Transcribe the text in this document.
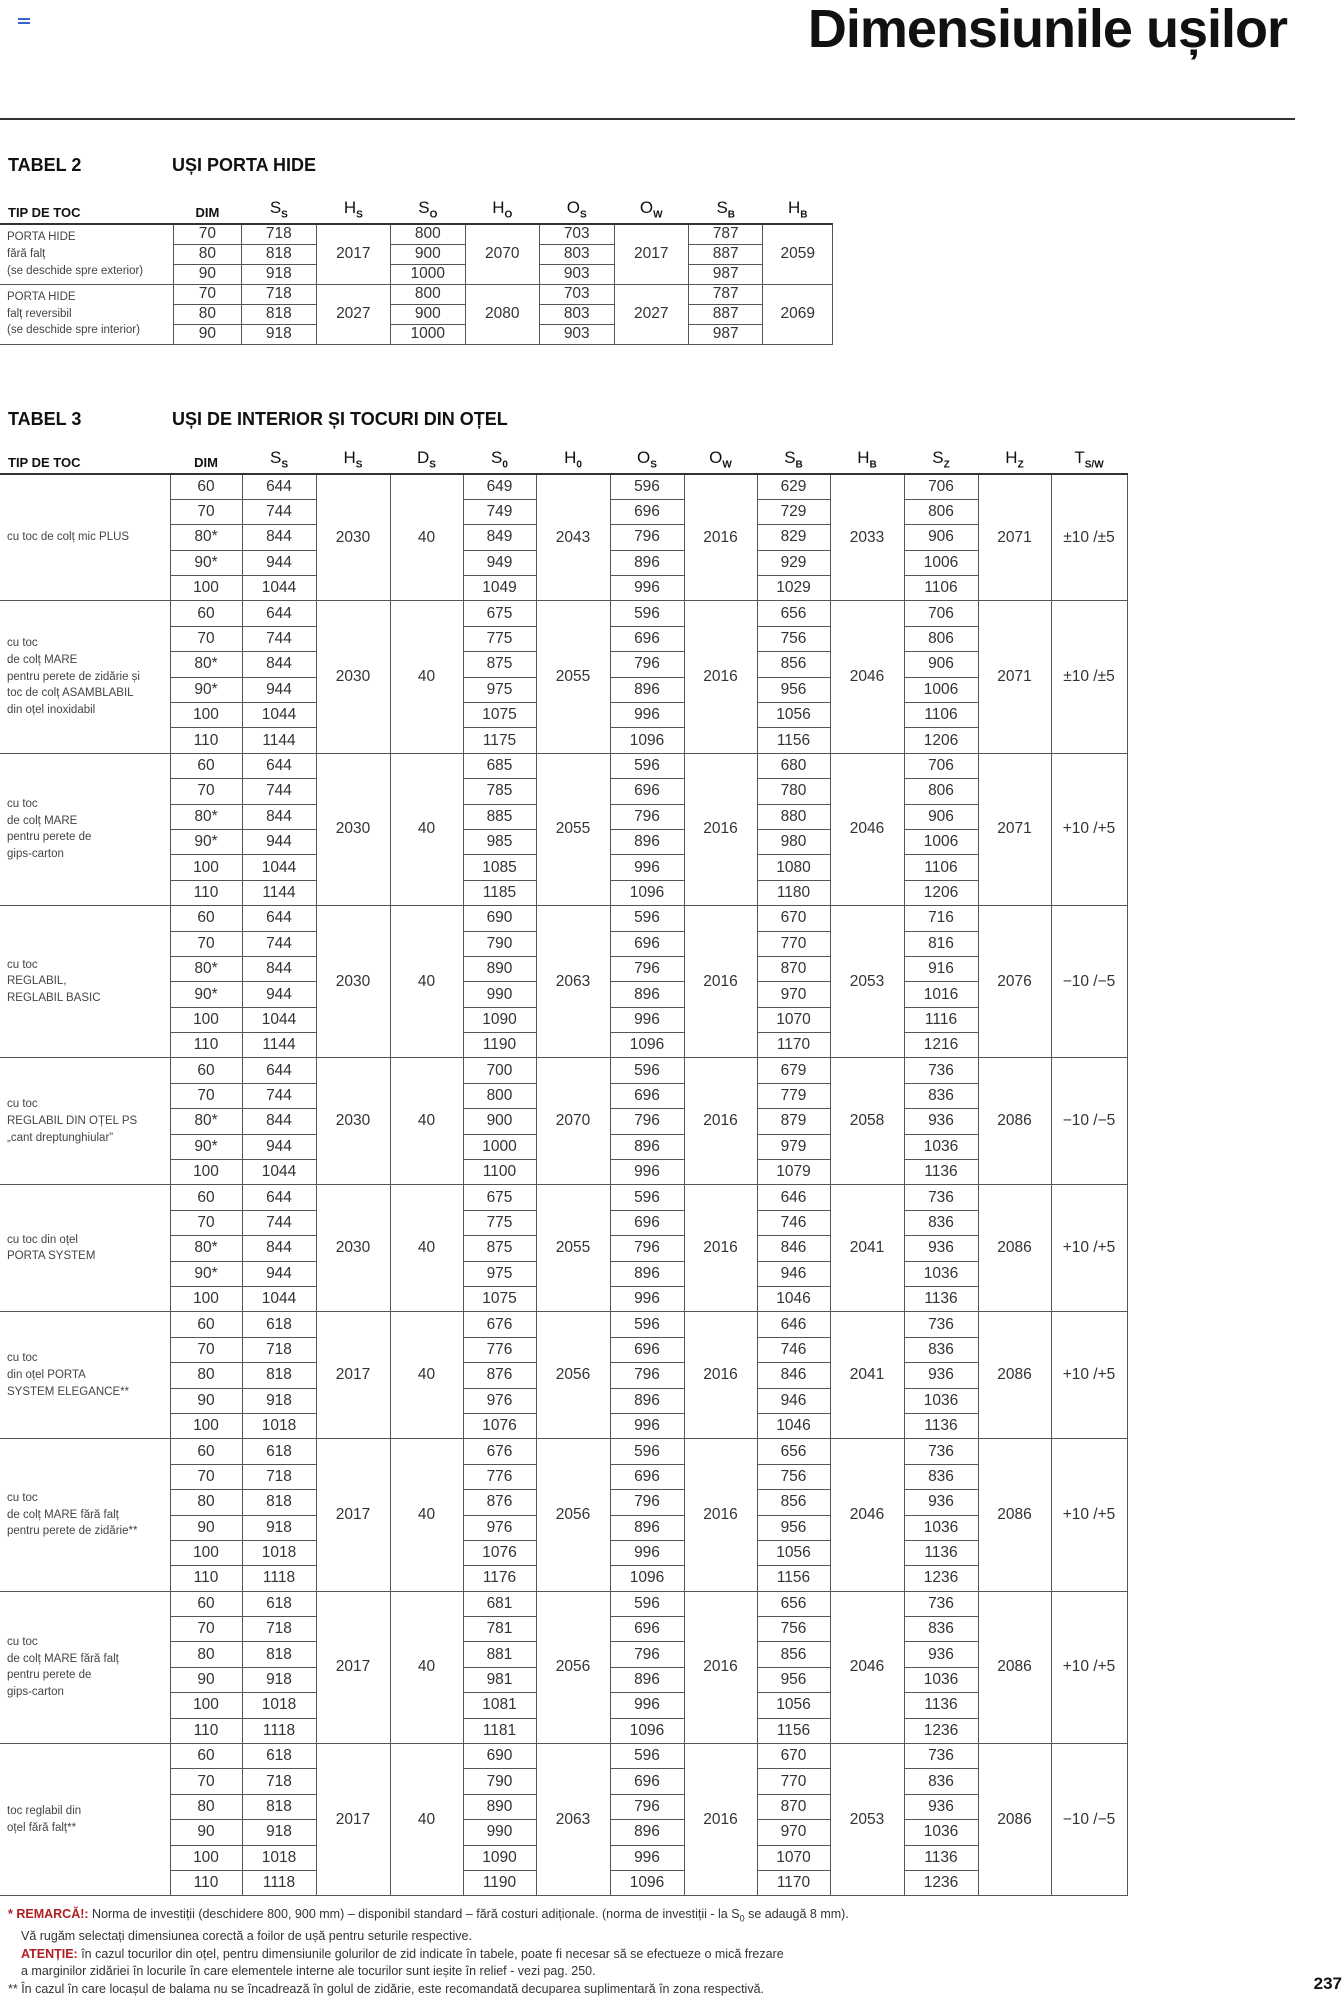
Dimensiunile ușilor
TABEL 2	UȘI PORTA HIDE
TIP DE TOC	DIM	$S_S$	$H_S$	$S_O$	$H_O$	$O_S$	$O_W$	$S_B$	$H_B$
PORTA HIDE
fără falț
(se deschide spre exterior)	70	718	2017	800	2070	703	2017	787	2059
	80	818		900		803		887	
	90	918		1000		903		987	
PORTA HIDE
falț reversibil
(se deschide spre interior)	70	718	2027	800	2080	703	2027	787	2069
	80	818		900		803		887	
	90	918		1000		903		987	
TABEL 3	UȘI DE INTERIOR ȘI TOCURI DIN OȚEL
TIP DE TOC	DIM	$S_S$	$H_S$	$D_S$	$S_0$	$H_0$	$O_S$	$O_W$	$S_B$	$H_B$	$S_Z$	$H_Z$	$T_{S/W}$
cu toc de colț mic PLUS	60	644	2030	40	649	2043	596	2016	629	2033	706	2071	±10 /±5
	70	744			749		696		729		806		
	80*	844			849		796		829		906		
	90*	944			949		896		929		1006		
	100	1044			1049		996		1029		1106		
cu toc
de colț MARE
pentru perete de zidărie și
toc de colț ASAMBLABIL
din oțel inoxidabil	60	644	2030	40	675	2055	596	2016	656	2046	706	2071	±10 /±5
	70	744			775		696		756		806		
	80*	844			875		796		856		906		
	90*	944			975		896		956		1006		
	100	1044			1075		996		1056		1106		
	110	1144			1175		1096		1156		1206		
cu toc
de colț MARE
pentru perete de
gips-carton	60	644	2030	40	685	2055	596	2016	680	2046	706	2071	+10 /+5
	70	744			785		696		780		806		
	80*	844			885		796		880		906		
	90*	944			985		896		980		1006		
	100	1044			1085		996		1080		1106		
	110	1144			1185		1096		1180		1206		
cu toc
REGLABIL,
REGLABIL BASIC	60	644	2030	40	690	2063	596	2016	670	2053	716	2076	−10 /−5
	70	744			790		696		770		816		
	80*	844			890		796		870		916		
	90*	944			990		896		970		1016		
	100	1044			1090		996		1070		1116		
	110	1144			1190		1096		1170		1216		
cu toc
REGLABIL DIN OȚEL PS
„cant dreptunghiular”	60	644	2030	40	700	2070	596	2016	679	2058	736	2086	−10 /−5
	70	744			800		696		779		836		
	80*	844			900		796		879		936		
	90*	944			1000		896		979		1036		
	100	1044			1100		996		1079		1136		
cu toc din oțel
PORTA SYSTEM	60	644	2030	40	675	2055	596	2016	646	2041	736	2086	+10 /+5
	70	744			775		696		746		836		
	80*	844			875		796		846		936		
	90*	944			975		896		946		1036		
	100	1044			1075		996		1046		1136		
cu toc
din oțel PORTA
SYSTEM ELEGANCE**	60	618	2017	40	676	2056	596	2016	646	2041	736	2086	+10 /+5
	70	718			776		696		746		836		
	80	818			876		796		846		936		
	90	918			976		896		946		1036		
	100	1018			1076		996		1046		1136		
cu toc
de colț MARE fără falț
pentru perete de zidărie**	60	618	2017	40	676	2056	596	2016	656	2046	736	2086	+10 /+5
	70	718			776		696		756		836		
	80	818			876		796		856		936		
	90	918			976		896		956		1036		
	100	1018			1076		996		1056		1136		
	110	1118			1176		1096		1156		1236		
cu toc
de colț MARE fără falț
pentru perete de
gips-carton	60	618	2017	40	681	2056	596	2016	656	2046	736	2086	+10 /+5
	70	718			781		696		756		836		
	80	818			881		796		856		936		
	90	918			981		896		956		1036		
	100	1018			1081		996		1056		1136		
	110	1118			1181		1096		1156		1236		
toc reglabil din
oțel fără falț**	60	618	2017	40	690	2063	596	2016	670	2053	736	2086	−10 /−5
	70	718			790		696		770		836		
	80	818			890		796		870		936		
	90	918			990		896		970		1036		
	100	1018			1090		996		1070		1136		
	110	1118			1190		1096		1170		1236		

* REMARCĂ!: Norma de investiții (deschidere 800, 900 mm) – disponibil standard – fără costuri adiționale. (norma de investiții - la $S_0$ se adaugă 8 mm).

Vă rugăm selectați dimensiunea corectă a foilor de ușă pentru seturile respective.

ATENȚIE: în cazul tocurilor din oțel, pentru dimensiunile golurilor de zid indicate în tabele, poate fi necesar să se efectueze o mică frezare

a marginilor zidăriei în locurile în care elementele interne ale tocurilor sunt ieșite în relief - vezi pag. 250.

** În cazul în care locașul de balama nu se încadrează în golul de zidărie, este recomandată decuparea suplimentară în zona respectivă.	237
